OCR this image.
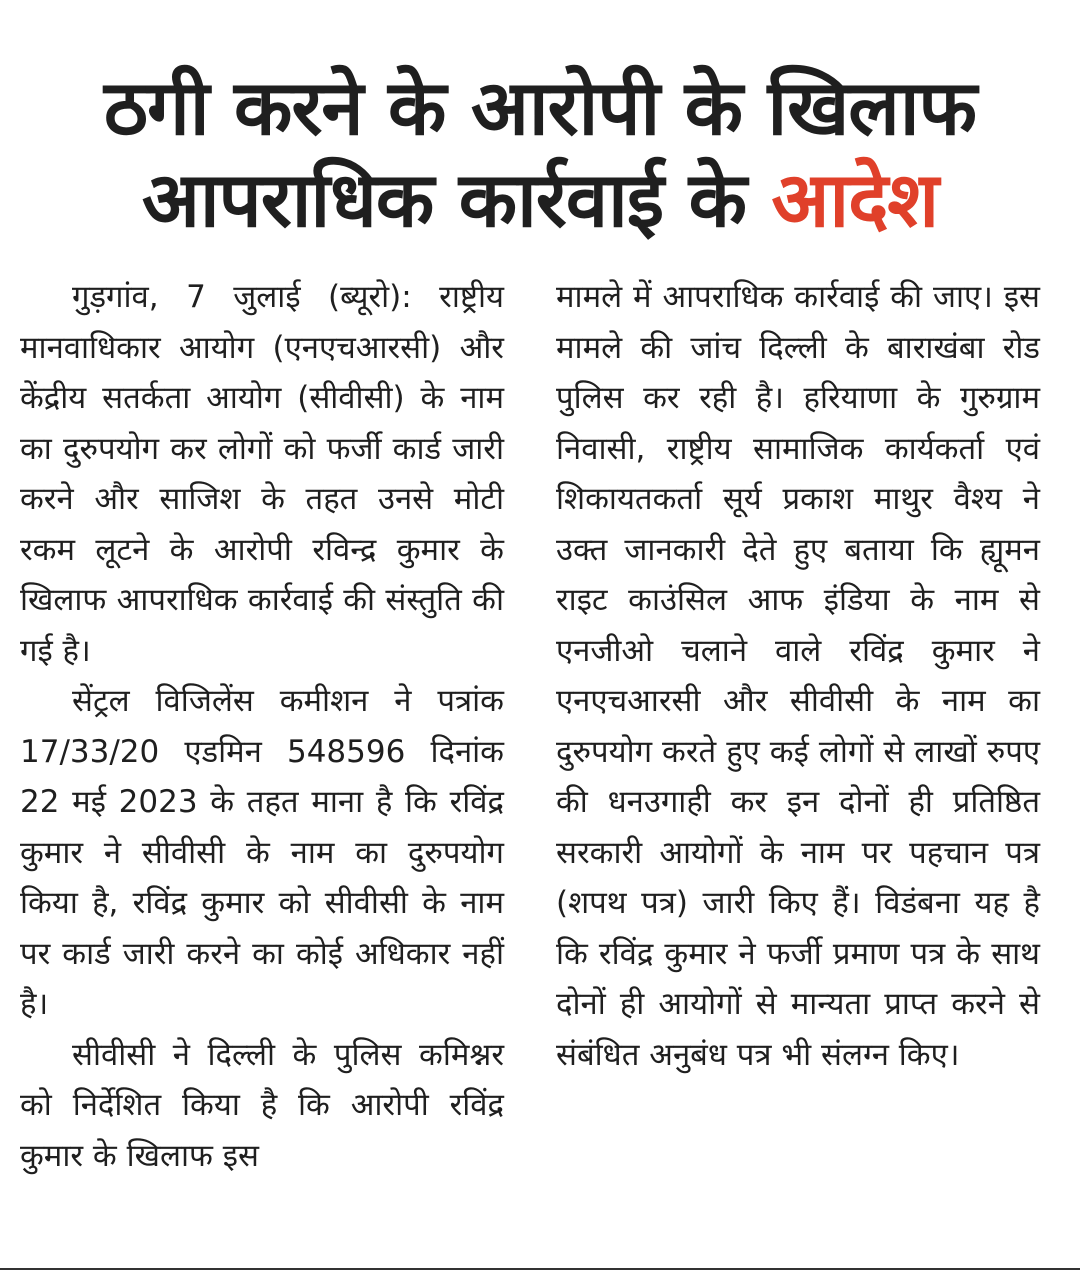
ठगी करने के आरोपी के खिलाफ
आपराधिक कार्रवाई के आदेश

गुड़गांव, 7 जुलाई (ब्यूरो): राष्ट्रीय मानवाधिकार आयोग (एनएचआरसी) और केंद्रीय सतर्कता आयोग (सीवीसी) के नाम का दुरुपयोग कर लोगों को फर्जी कार्ड जारी करने और साजिश के तहत उनसे मोटी रकम लूटने के आरोपी रविन्द्र कुमार के खिलाफ आपराधिक कार्रवाई की संस्तुति की गई है।

सेंट्रल विजिलेंस कमीशन ने पत्रांक 17/33/20 एडमिन 548596 दिनांक 22 मई 2023 के तहत माना है कि रविंद्र कुमार ने सीवीसी के नाम का दुरुपयोग किया है, रविंद्र कुमार को सीवीसी के नाम पर कार्ड जारी करने का कोई अधिकार नहीं है।

सीवीसी ने दिल्ली के पुलिस कमिश्नर को निर्देशित किया है कि आरोपी रविंद्र कुमार के खिलाफ इस

मामले में आपराधिक कार्रवाई की जाए। इस मामले की जांच दिल्ली के बाराखंबा रोड पुलिस कर रही है। हरियाणा के गुरुग्राम निवासी, राष्ट्रीय सामाजिक कार्यकर्ता एवं शिकायतकर्ता सूर्य प्रकाश माथुर वैश्य ने उक्त जानकारी देते हुए बताया कि ह्यूमन राइट काउंसिल आफ इंडिया के नाम से एनजीओ चलाने वाले रविंद्र कुमार ने एनएचआरसी और सीवीसी के नाम का दुरुपयोग करते हुए कई लोगों से लाखों रुपए की धनउगाही कर इन दोनों ही प्रतिष्ठित सरकारी आयोगों के नाम पर पहचान पत्र (शपथ पत्र) जारी किए हैं। विडंबना यह है कि रविंद्र कुमार ने फर्जी प्रमाण पत्र के साथ दोनों ही आयोगों से मान्यता प्राप्त करने से संबंधित अनुबंध पत्र भी संलग्न किए।
